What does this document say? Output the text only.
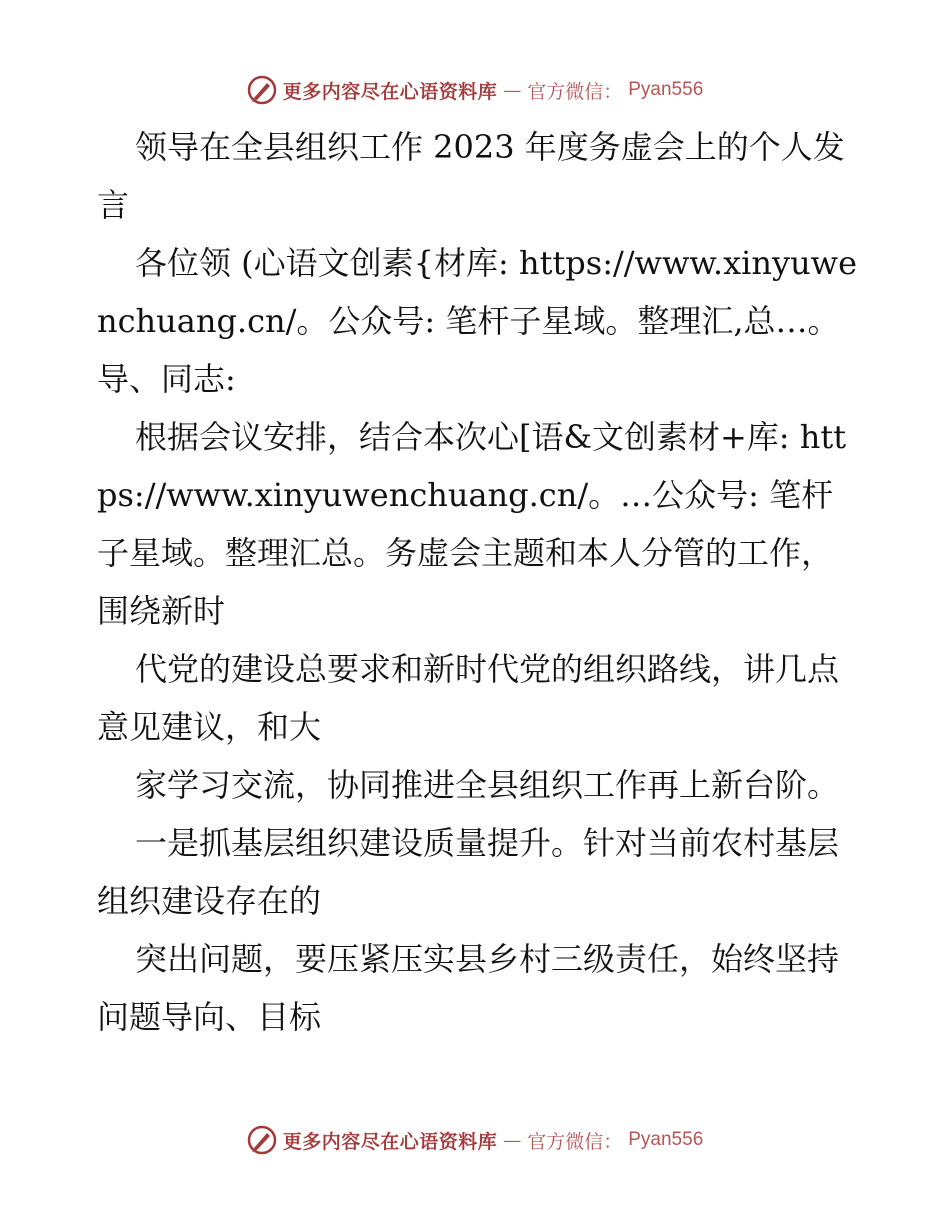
更多内容尽在心语资料库 — 官方微信： Pyan556

领导在全县组织工作 2023 年度务虚会上的个人发言

各位领 (心语文创素{材库: https://www.xinyuwenchuang.cn/。公众号: 笔杆子星域。整理汇,总…。导、同志:

根据会议安排，结合本次心[语&文创素材+库: https://www.xinyuwenchuang.cn/。…公众号: 笔杆子星域。整理汇总。务虚会主题和本人分管的工作，围绕新时

代党的建设总要求和新时代党的组织路线，讲几点意见建议，和大

家学习交流，协同推进全县组织工作再上新台阶。

一是抓基层组织建设质量提升。针对当前农村基层组织建设存在的

突出问题，要压紧压实县乡村三级责任，始终坚持问题导向、目标

更多内容尽在心语资料库 — 官方微信： Pyan556
